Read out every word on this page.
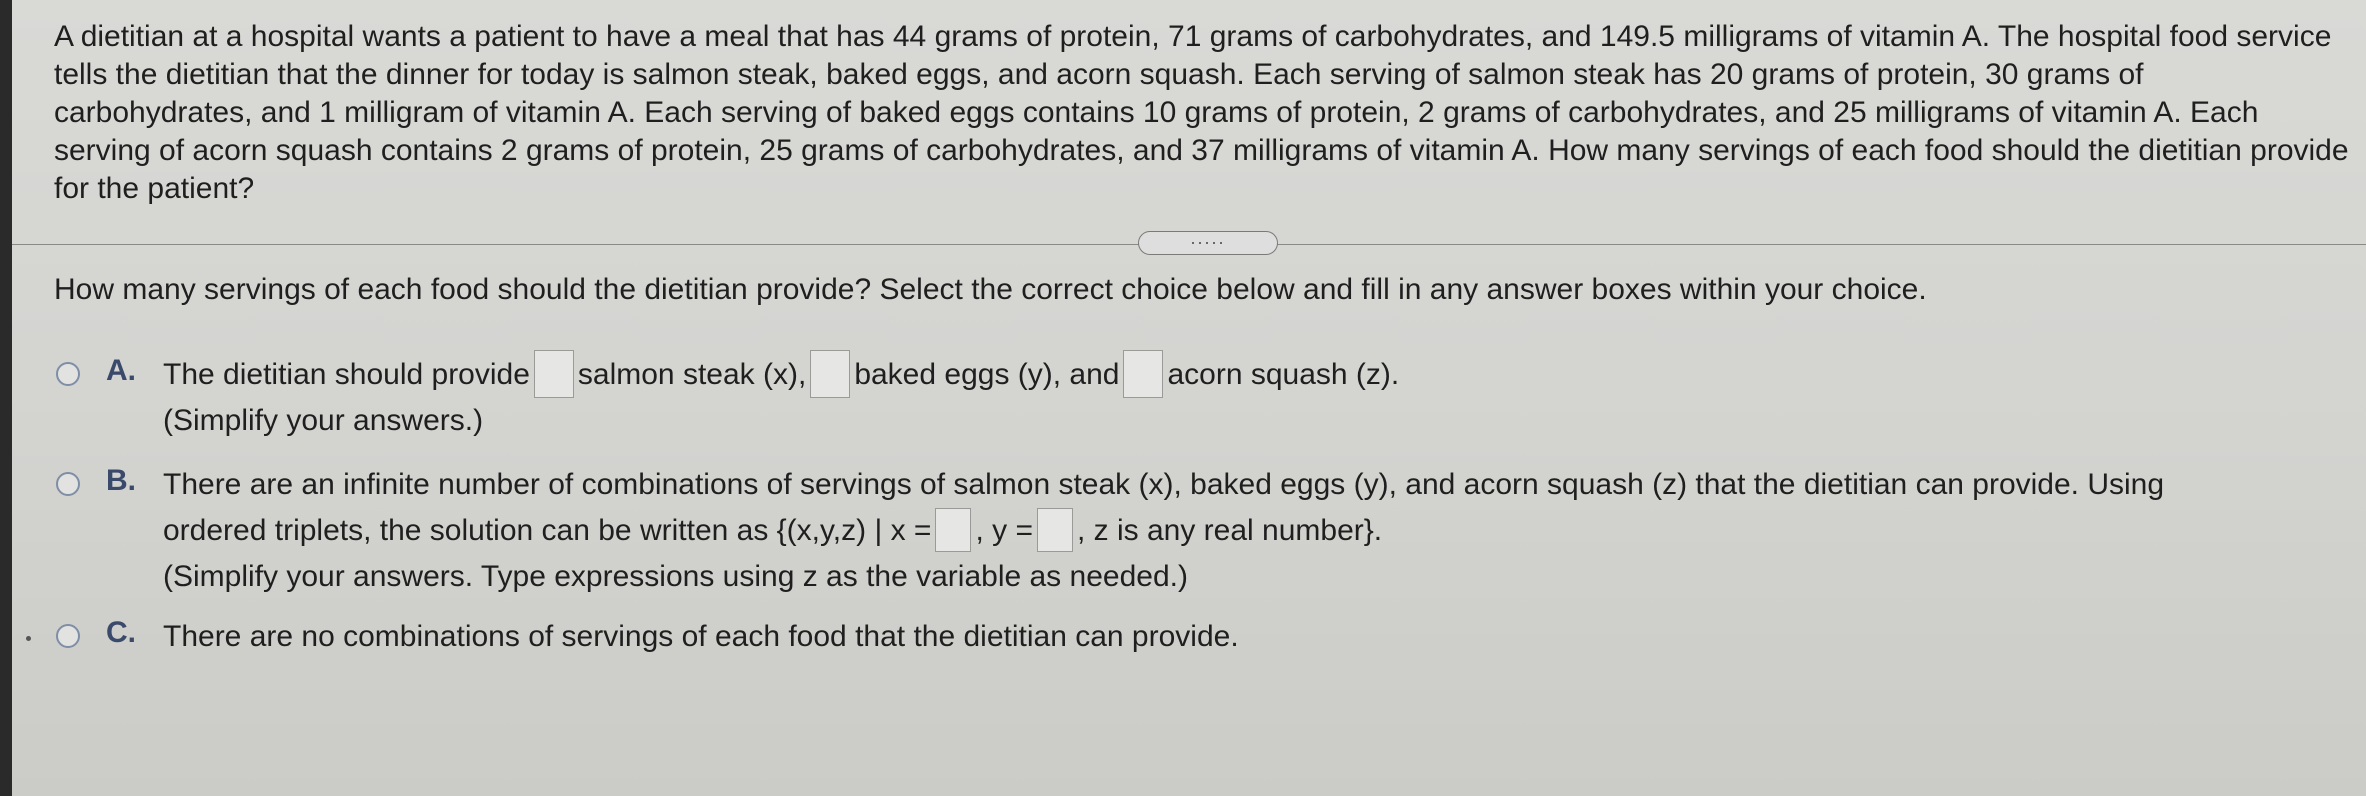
A dietitian at a hospital wants a patient to have a meal that has 44 grams of protein, 71 grams of carbohydrates, and 149.5 milligrams of vitamin A. The hospital food service tells the dietitian that the dinner for today is salmon steak, baked eggs, and acorn squash. Each serving of salmon steak has 20 grams of protein, 30 grams of carbohydrates, and 1 milligram of vitamin A. Each serving of baked eggs contains 10 grams of protein, 2 grams of carbohydrates, and 25 milligrams of vitamin A. Each serving of acorn squash contains 2 grams of protein, 25 grams of carbohydrates, and 37 milligrams of vitamin A. How many servings of each food should the dietitian provide for the patient?

.....
How many servings of each food should the dietitian provide? Select the correct choice below and fill in any answer boxes within your choice.
A. The dietitian should provide salmon steak (x), baked eggs (y), and acorn squash (z).
(Simplify your answers.)
B. There are an infinite number of combinations of servings of salmon steak (x), baked eggs (y), and acorn squash (z) that the dietitian can provide. Using
ordered triplets, the solution can be written as {(x,y,z) | x = , y = , z is any real number}.
(Simplify your answers. Type expressions using z as the variable as needed.)
C. There are no combinations of servings of each food that the dietitian can provide.
